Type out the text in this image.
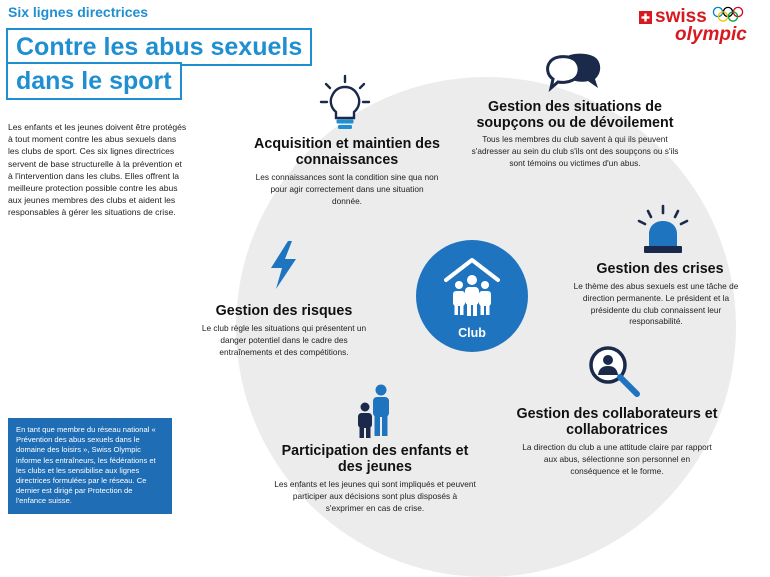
Six lignes directrices
Contre les abus sexuels
dans le sport
swiss
olympic
Les enfants et les jeunes doivent être protégés à tout moment contre les abus sexuels dans les clubs de sport. Ces six lignes directrices servent de base structurelle à la prévention et à l'intervention dans les clubs. Elles offrent la meilleure protection possible contre les abus aux jeunes membres des clubs et aident les responsables à gérer les situations de crise.
En tant que membre du réseau national « Prévention des abus sexuels dans le domaine des loisirs », Swiss Olympic informe les entraîneurs, les fédérations et les clubs et les sensibilise aux lignes directrices formulées par le réseau. Ce dernier est dirigé par Protection de l'enfance suisse.
Club
Acquisition et maintien des connaissances
Les connaissances sont la condition sine qua non pour agir correctement dans une situation donnée.
Gestion des situations de soupçons ou de dévoilement
Tous les membres du club savent à qui ils peuvent s'adresser au sein du club s'ils ont des soupçons ou s'ils sont témoins ou victimes d'un abus.
Gestion des crises
Le thème des abus sexuels est une tâche de direction permanente. Le président et la présidente du club connaissent leur responsabilité.
Gestion des risques
Le club règle les situations qui présentent un danger potentiel dans le cadre des entraînements et des compétitions.
Gestion des collaborateurs et collaboratrices
La direction du club a une attitude claire par rapport aux abus, sélectionne son personnel en conséquence et le forme.
Participation des enfants et des jeunes
Les enfants et les jeunes qui sont impliqués et peuvent participer aux décisions sont plus disposés à s'exprimer en cas de crise.
